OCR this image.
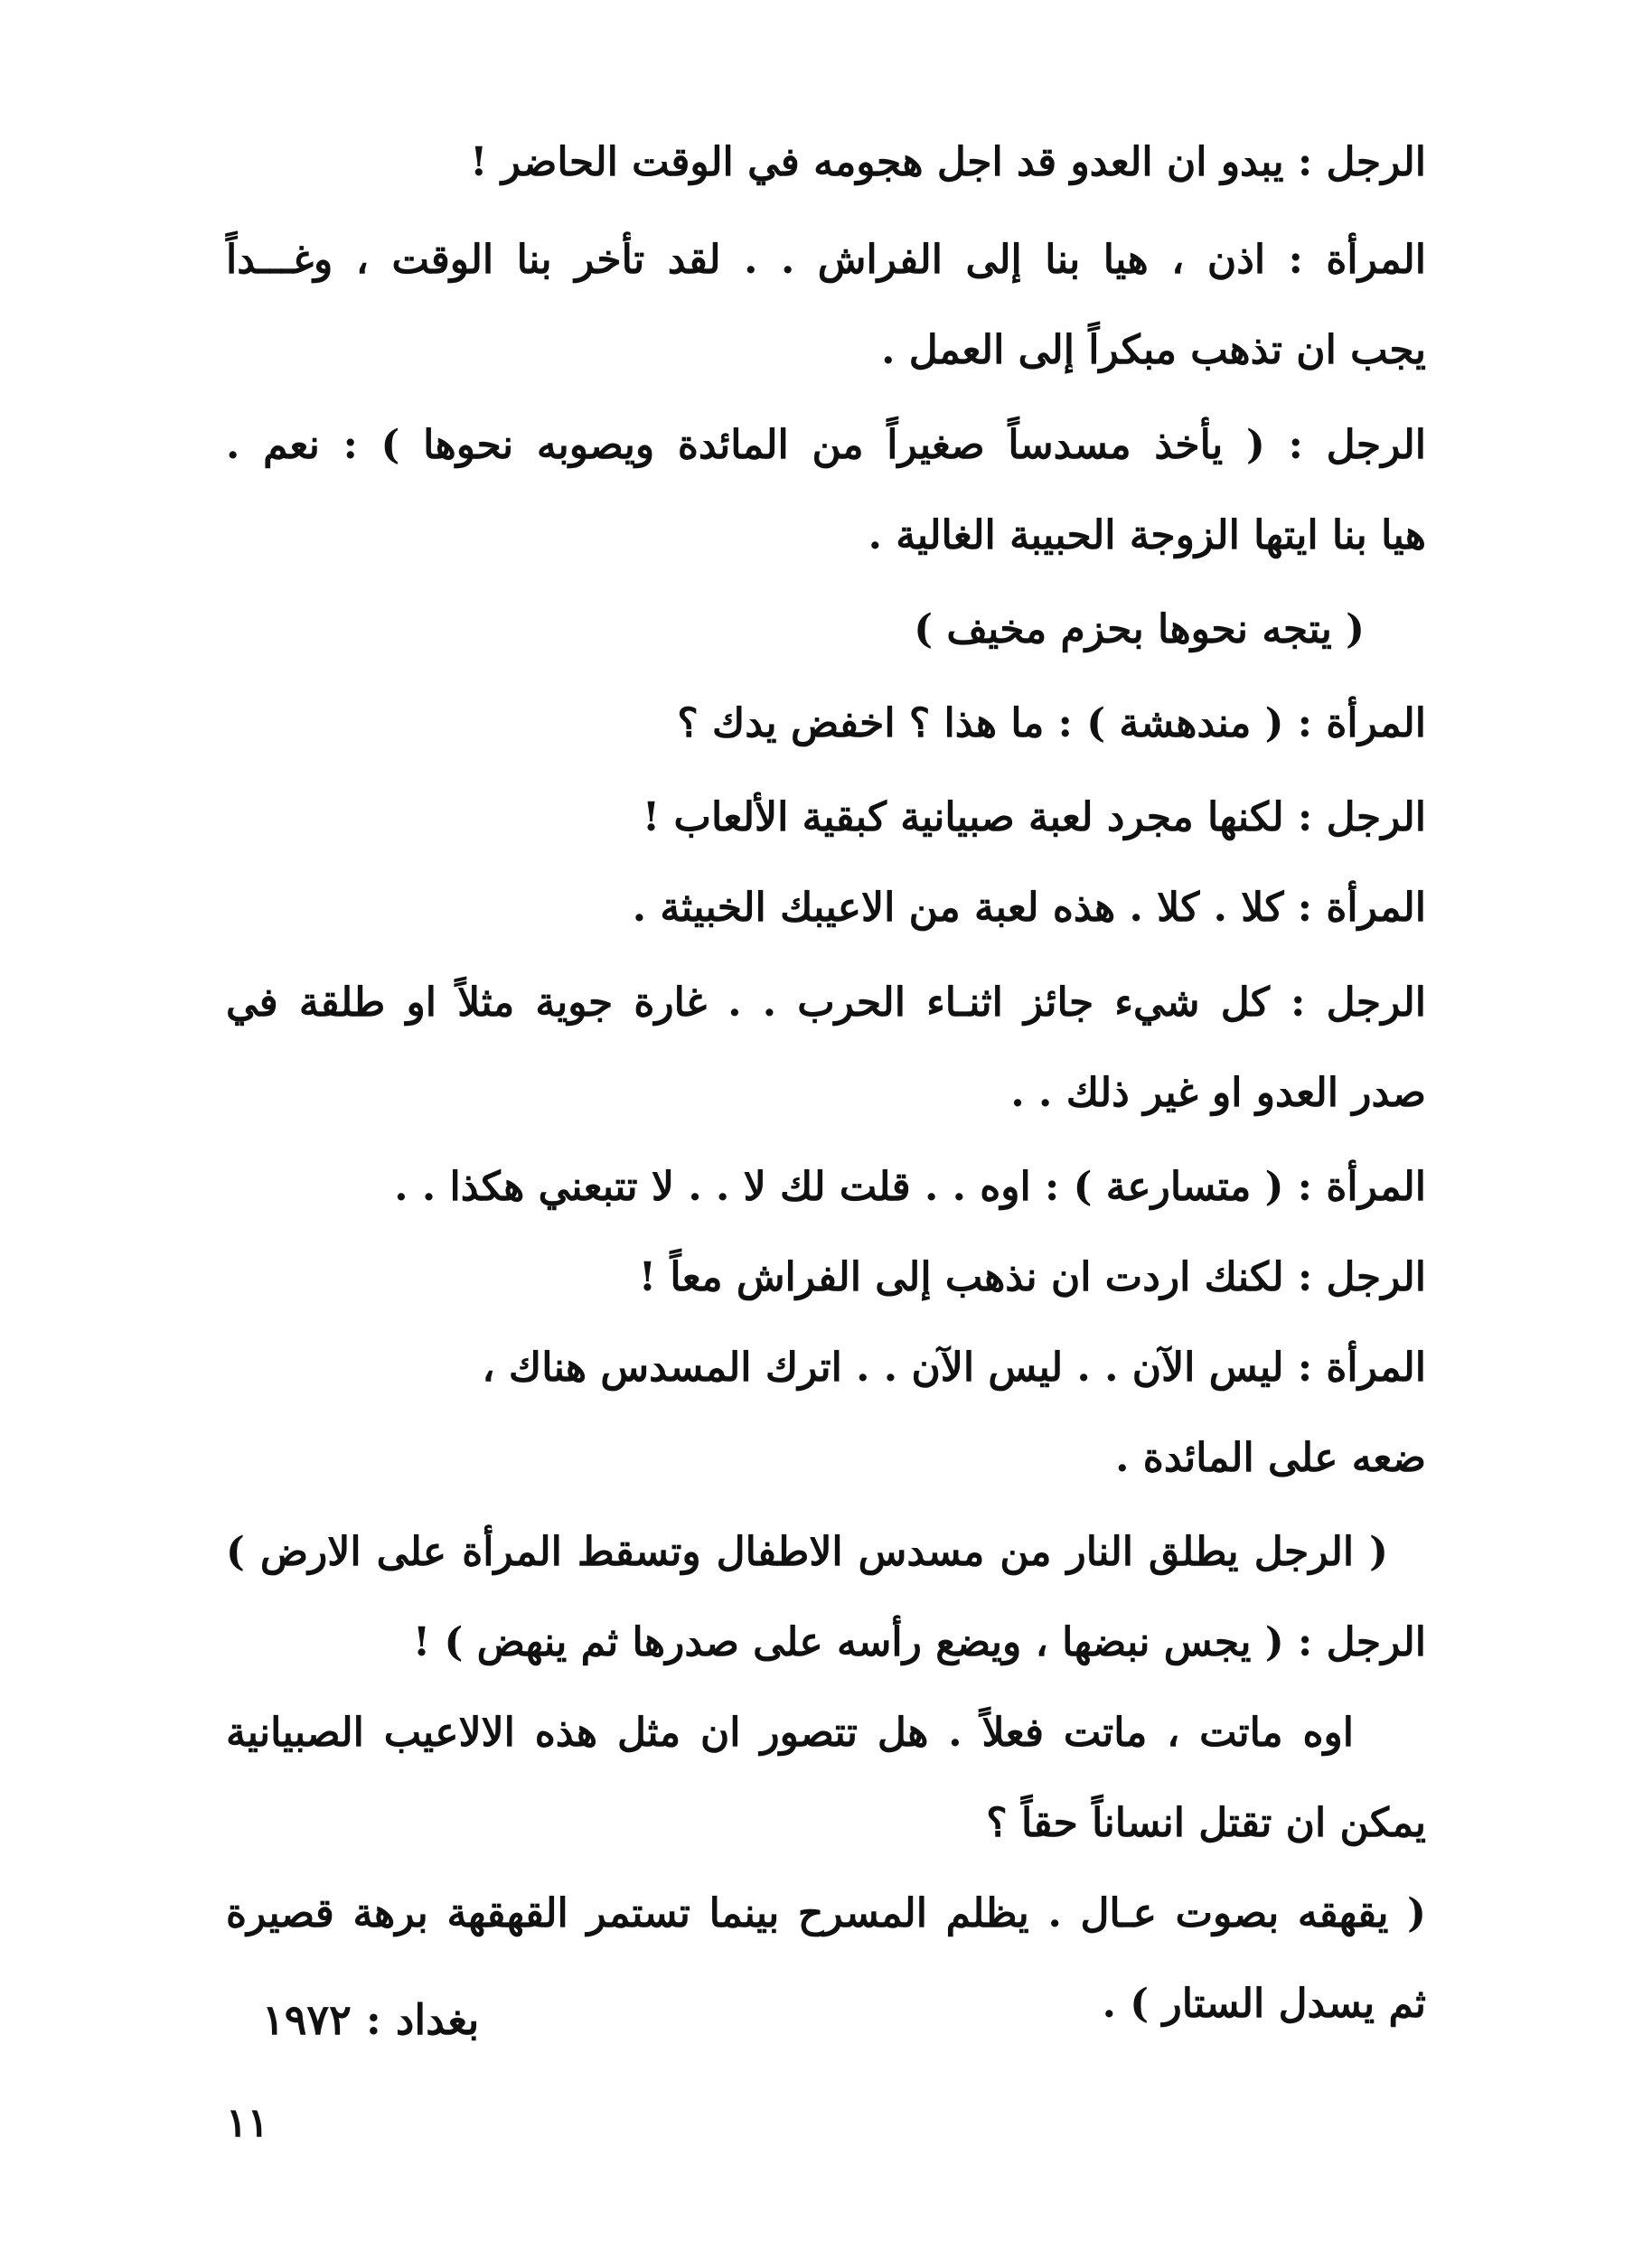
الرجل : يبدو ان العدو قد اجل هجومه في الوقت الحاضر !
المرأة : اذن ، هيا بنا إلى الفراش . . لقد تأخر بنا الوقت ، وغـــداً
يجب ان تذهب مبكراً إلى العمل .
الرجل : ( يأخذ مسدساً صغيراً من المائدة ويصوبه نحوها ) : نعم .
هيا بنا ايتها الزوجة الحبيبة الغالية .
( يتجه نحوها بحزم مخيف )
المرأة : ( مندهشة ) : ما هذا ؟ اخفض يدك ؟
الرجل : لكنها مجرد لعبة صبيانية كبقية الألعاب !
المرأة : كلا . كلا . هذه لعبة من الاعيبك الخبيثة .
الرجل : كل شيء جائز اثنـاء الحرب . . غارة جوية مثلاً او طلقة في
صدر العدو او غير ذلك . .
المرأة : ( متسارعة ) : اوه . . قلت لك لا . . لا تتبعني هكذا . .
الرجل : لكنك اردت ان نذهب إلى الفراش معاً !
المرأة : ليس الآن . . ليس الآن . . اترك المسدس هناك ،
ضعه على المائدة .
( الرجل يطلق النار من مسدس الاطفال وتسقط المرأة على الارض )
الرجل : ( يجس نبضها ، ويضع رأسه على صدرها ثم ينهض ) !
اوه ماتت ، ماتت فعلاً . هل تتصور ان مثل هذه الالاعيب الصبيانية
يمكن ان تقتل انساناً حقاً ؟
( يقهقه بصوت عـال . يظلم المسرح بينما تستمر القهقهة برهة قصيرة
ثم يسدل الستار ) .
بغداد : ١٩٧٢
١١
